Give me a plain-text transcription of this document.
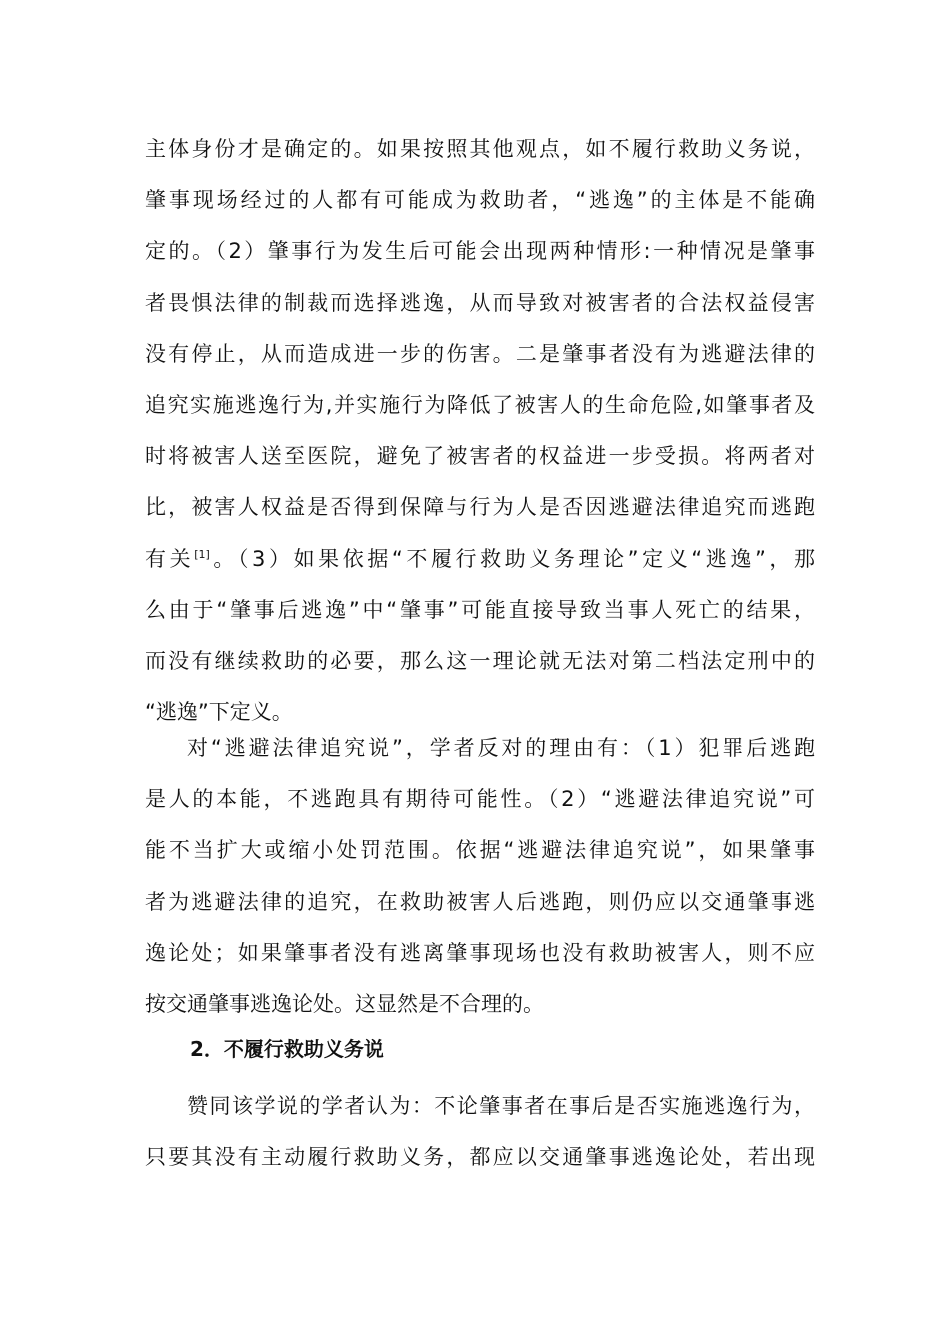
主体身份才是确定的。如果按照其他观点，如不履行救助义务说，
肇事现场经过的人都有可能成为救助者，“逃逸”的主体是不能确
定的。（2）肇事行为发生后可能会出现两种情形:一种情况是肇事
者畏惧法律的制裁而选择逃逸，从而导致对被害者的合法权益侵害
没有停止，从而造成进一步的伤害。二是肇事者没有为逃避法律的
追究实施逃逸行为,并实施行为降低了被害人的生命危险,如肇事者及
时将被害人送至医院，避免了被害者的权益进一步受损。将两者对
比，被害人权益是否得到保障与行为人是否因逃避法律追究而逃跑
有关[1]。（3）如果依据“不履行救助义务理论”定义“逃逸”，那
么由于“肇事后逃逸”中“肇事”可能直接导致当事人死亡的结果，
而没有继续救助的必要，那么这一理论就无法对第二档法定刑中的
“逃逸”下定义。
对“逃避法律追究说”，学者反对的理由有：（1）犯罪后逃跑
是人的本能，不逃跑具有期待可能性。（2）“逃避法律追究说”可
能不当扩大或缩小处罚范围。依据“逃避法律追究说”，如果肇事
者为逃避法律的追究，在救助被害人后逃跑，则仍应以交通肇事逃
逸论处；如果肇事者没有逃离肇事现场也没有救助被害人，则不应
按交通肇事逃逸论处。这显然是不合理的。
2．不履行救助义务说
赞同该学说的学者认为：不论肇事者在事后是否实施逃逸行为，
只要其没有主动履行救助义务，都应以交通肇事逃逸论处，若出现
